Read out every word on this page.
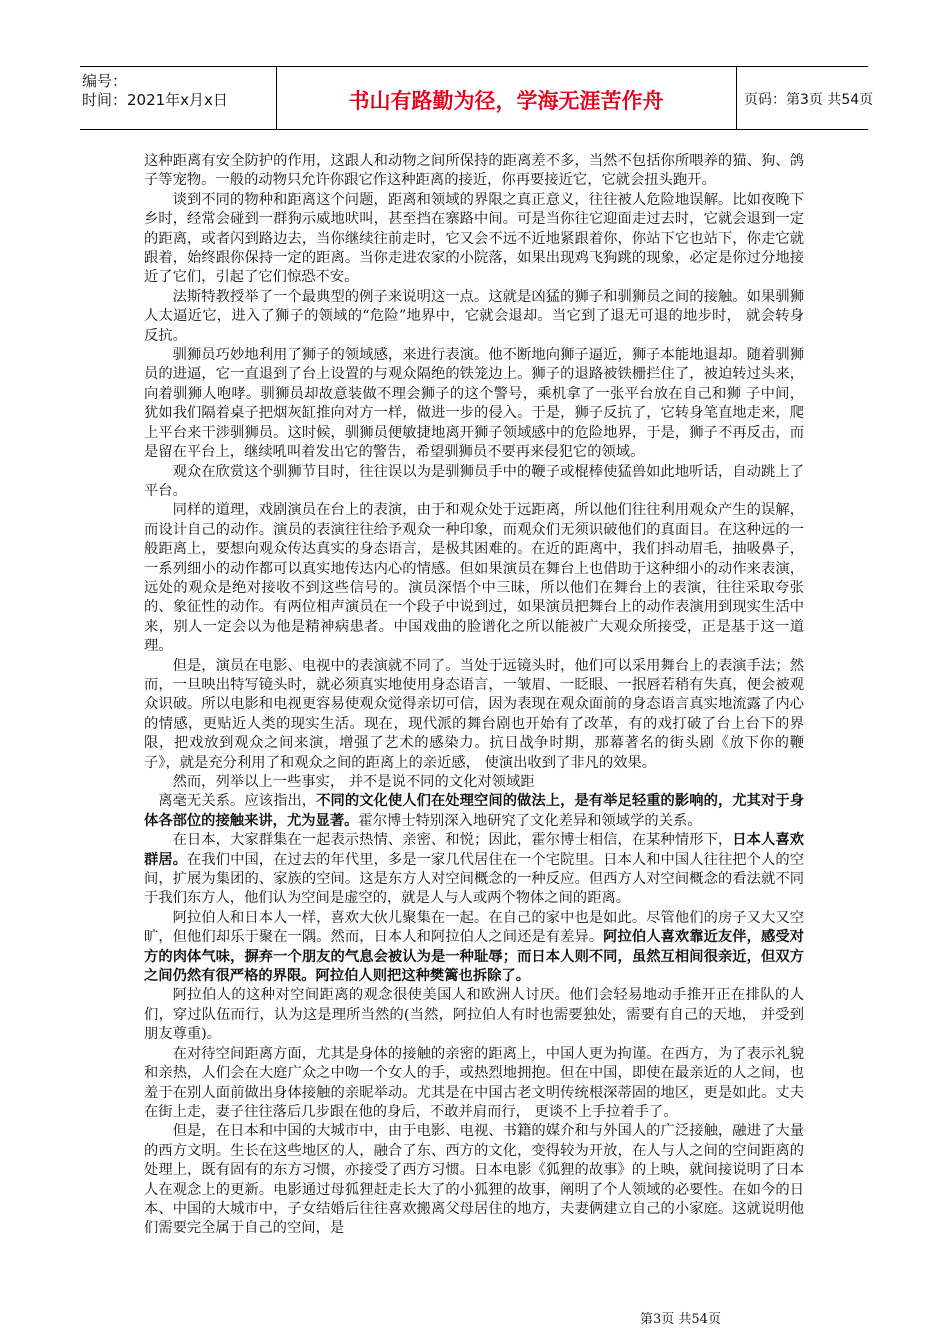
编号：
时间：2021年x月x日	书山有路勤为径，学海无涯苦作舟	页码：第3页 共54页

这种距离有安全防护的作用，这跟人和动物之间所保持的距离差不多，当然不包括你所喂养的猫、狗、鸽子等宠物。一般的动物只允许你跟它作这种距离的接近，你再要接近它，它就会扭头跑开。

谈到不同的物种和距离这个问题，距离和领域的界限之真正意义，往往被人危险地误解。比如夜晚下乡时，经常会碰到一群狗示威地吠叫，甚至挡在寨路中间。可是当你往它迎面走过去时，它就会退到一定的距离，或者闪到路边去，当你继续往前走时，它又会不远不近地紧跟着你，你站下它也站下，你走它就跟着，始终跟你保持一定的距离。当你走进农家的小院落，如果出现鸡飞狗跳的现象，必定是你过分地接近了它们，引起了它们惊恐不安。

法斯特教授举了一个最典型的例子来说明这一点。这就是凶猛的狮子和驯狮员之间的接触。如果驯狮人太逼近它，进入了狮子的领域的“危险”地界中，它就会退却。当它到了退无可退的地步时， 就会转身反抗。

驯狮员巧妙地利用了狮子的领域感，来进行表演。他不断地向狮子逼近，狮子本能地退却。随着驯狮员的进逼，它一直退到了台上设置的与观众隔绝的铁笼边上。狮子的退路被铁栅拦住了，被迫转过头来，向着驯狮人咆哮。驯狮员却故意装做不理会狮子的这个警号，乘机拿了一张平台放在自己和狮 子中间，犹如我们隔着桌子把烟灰缸推向对方一样，做进一步的侵入。于是，狮子反抗了，它转身笔直地走来，爬上平台来干涉驯狮员。这时候，驯狮员便敏捷地离开狮子领域感中的危险地界，于是，狮子不再反击，而是留在平台上，继续吼叫着发出它的警告，希望驯狮员不要再来侵犯它的领域。

观众在欣赏这个驯狮节目时，往往误以为是驯狮员手中的鞭子或棍棒使猛兽如此地听话，自动跳上了平台。

同样的道理，戏剧演员在台上的表演，由于和观众处于远距离，所以他们往往利用观众产生的误解，而设计自己的动作。演员的表演往往给予观众一种印象，而观众们无须识破他们的真面目。在这种远的一般距离上，要想向观众传达真实的身态语言，是极其困难的。在近的距离中，我们抖动眉毛，抽吸鼻子，一系列细小的动作都可以真实地传达内心的情感。但如果演员在舞台上也借助于这种细小的动作来表演，远处的观众是绝对接收不到这些信号的。演员深悟个中三昧，所以他们在舞台上的表演，往往采取夸张的、象征性的动作。有两位相声演员在一个段子中说到过，如果演员把舞台上的动作表演用到现实生活中来，别人一定会以为他是精神病患者。中国戏曲的脸谱化之所以能被广大观众所接受，正是基于这一道理。

但是，演员在电影、电视中的表演就不同了。当处于远镜头时，他们可以采用舞台上的表演手法；然而，一旦映出特写镜头时，就必须真实地使用身态语言，一皱眉、一眨眼、一抿唇若稍有失真，便会被观众识破。所以电影和电视更容易使观众觉得亲切可信，因为表现在观众面前的身态语言真实地流露了内心的情感，更贴近人类的现实生活。现在，现代派的舞台剧也开始有了改革，有的戏打破了台上台下的界限，把戏放到观众之间来演，增强了艺术的感染力。抗日战争时期，那幕著名的街头剧《放下你的鞭子》，就是充分利用了和观众之间的距离上的亲近感， 使演出收到了非凡的效果。

然而，列举以上一些事实， 并不是说不同的文化对领域距

离毫无关系。应该指出，不同的文化使人们在处理空间的做法上，是有举足轻重的影响的，尤其对于身体各部位的接触来讲，尤为显著。霍尔博士特别深入地研究了文化差异和领域学的关系。

在日本，大家群集在一起表示热情、亲密、和悦；因此，霍尔博士相信，在某种情形下，日本人喜欢群居。在我们中国，在过去的年代里，多是一家几代居住在一个宅院里。日本人和中国人往往把个人的空间，扩展为集团的、家族的空间。这是东方人对空间概念的一种反应。但西方人对空间概念的看法就不同于我们东方人，他们认为空间是虚空的，就是人与人或两个物体之间的距离。

阿拉伯人和日本人一样，喜欢大伙儿聚集在一起。在自己的家中也是如此。尽管他们的房子又大又空旷，但他们却乐于聚在一隅。然而，日本人和阿拉伯人之间还是有差异。阿拉伯人喜欢靠近友伴，感受对方的肉体气味，摒弃一个朋友的气息会被认为是一种耻辱；而日本人则不同，虽然互相间很亲近，但双方之间仍然有很严格的界限。阿拉伯人则把这种樊篱也拆除了。

阿拉伯人的这种对空间距离的观念很使美国人和欧洲人讨厌。他们会轻易地动手推开正在排队的人们，穿过队伍而行，认为这是理所当然的(当然，阿拉伯人有时也需要独处，需要有自己的天地， 并受到朋友尊重)。

在对待空间距离方面，尤其是身体的接触的亲密的距离上，中国人更为拘谨。在西方，为了表示礼貌和亲热，人们会在大庭广众之中吻一个女人的手，或热烈地拥抱。但在中国，即使在最亲近的人之间，也羞于在别人面前做出身体接触的亲昵举动。尤其是在中国古老文明传统根深蒂固的地区，更是如此。丈夫在街上走，妻子往往落后几步跟在他的身后，不敢并肩而行， 更谈不上手拉着手了。

但是，在日本和中国的大城市中，由于电影、电视、书籍的媒介和与外国人的广泛接触，融进了大量的西方文明。生长在这些地区的人，融合了东、西方的文化，变得较为开放，在人与人之间的空间距离的处理上，既有固有的东方习惯，亦接受了西方习惯。日本电影《狐狸的故事》的上映，就间接说明了日本人在观念上的更新。电影通过母狐狸赶走长大了的小狐狸的故事，阐明了个人领域的必要性。在如今的日本、中国的大城市中，子女结婚后往往喜欢搬离父母居住的地方，夫妻俩建立自己的小家庭。这就说明他们需要完全属于自己的空间，是

第3页 共54页
